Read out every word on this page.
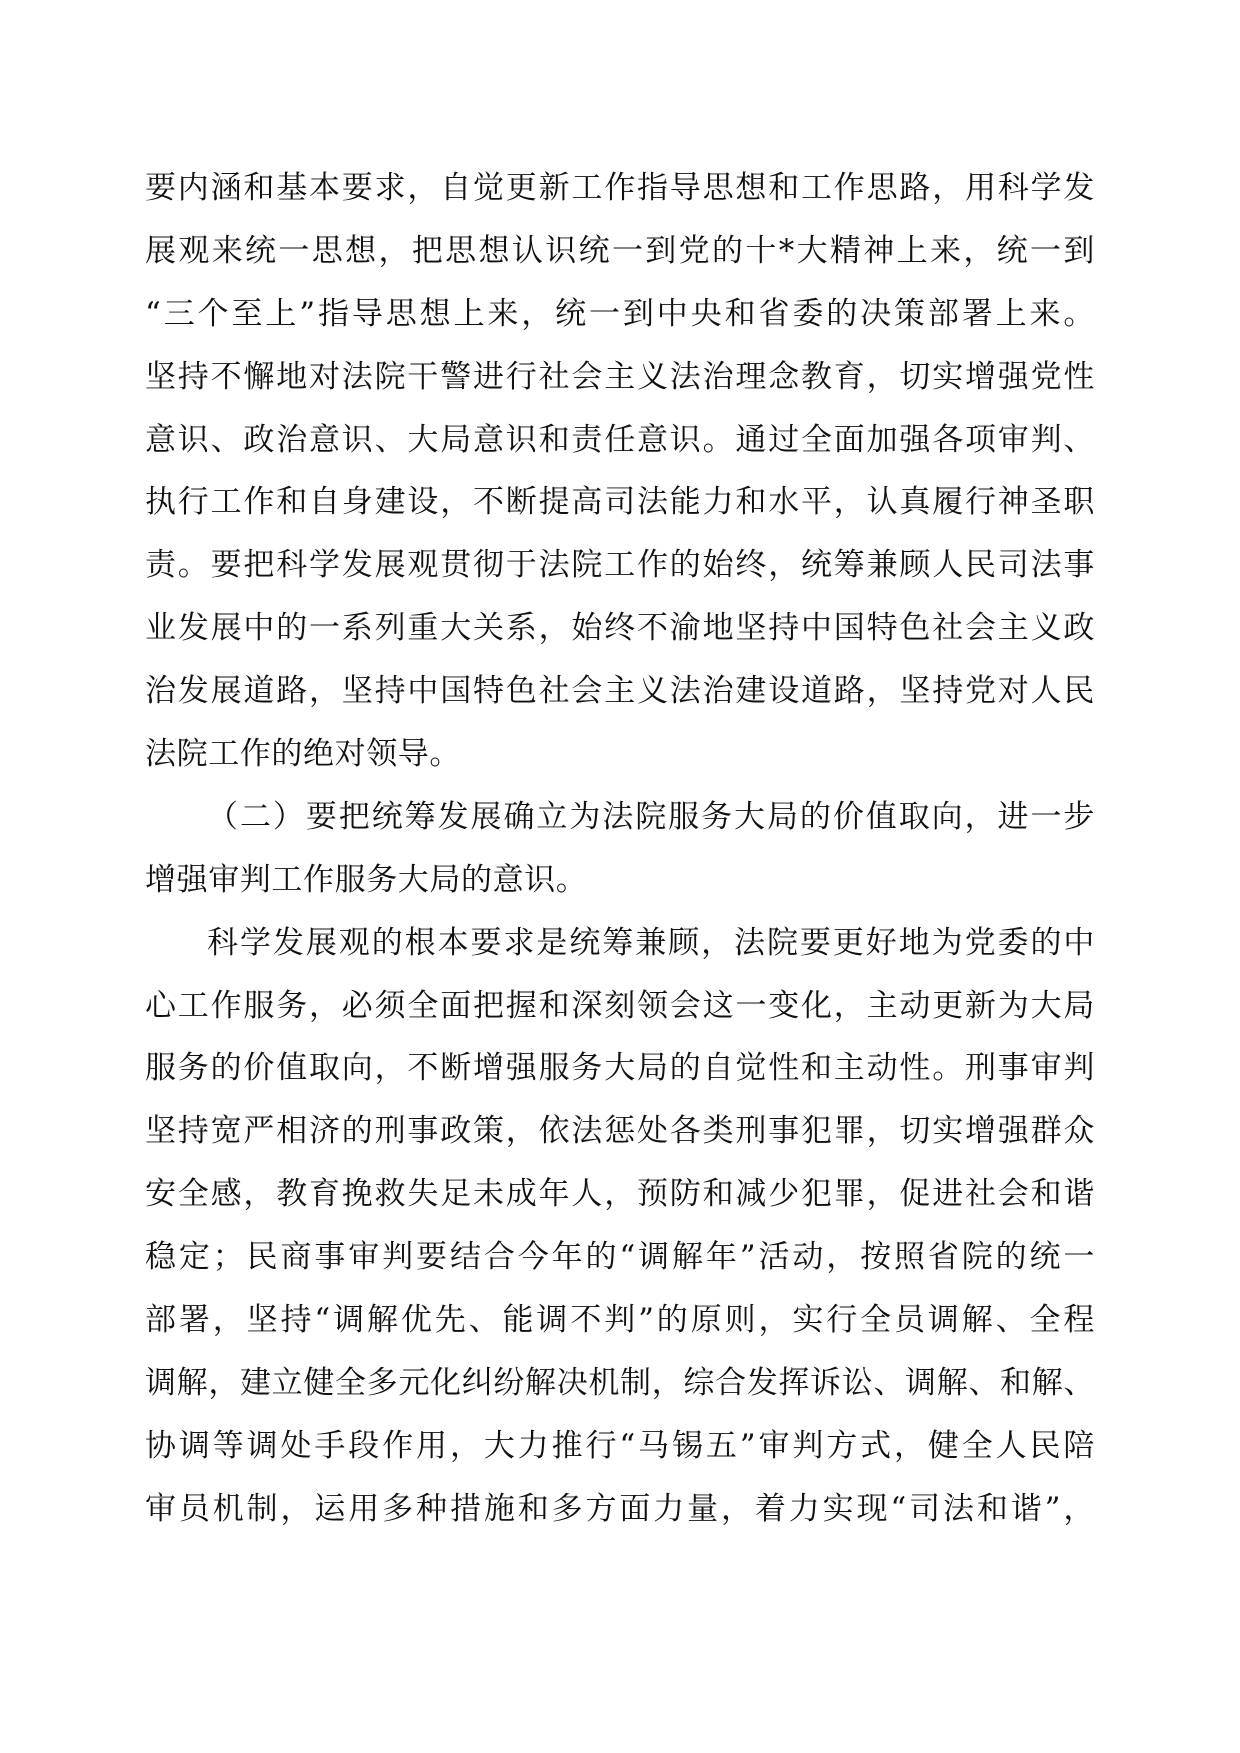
要内涵和基本要求，自觉更新工作指导思想和工作思路，用科学发
展观来统一思想，把思想认识统一到党的十*大精神上来，统一到
“三个至上”指导思想上来，统一到中央和省委的决策部署上来。
坚持不懈地对法院干警进行社会主义法治理念教育，切实增强党性
意识、政治意识、大局意识和责任意识。通过全面加强各项审判、
执行工作和自身建设，不断提高司法能力和水平，认真履行神圣职
责。要把科学发展观贯彻于法院工作的始终，统筹兼顾人民司法事
业发展中的一系列重大关系，始终不渝地坚持中国特色社会主义政
治发展道路，坚持中国特色社会主义法治建设道路，坚持党对人民
法院工作的绝对领导。
（二）要把统筹发展确立为法院服务大局的价值取向，进一步
增强审判工作服务大局的意识。
科学发展观的根本要求是统筹兼顾，法院要更好地为党委的中
心工作服务，必须全面把握和深刻领会这一变化，主动更新为大局
服务的价值取向，不断增强服务大局的自觉性和主动性。刑事审判
坚持宽严相济的刑事政策，依法惩处各类刑事犯罪，切实增强群众
安全感，教育挽救失足未成年人，预防和减少犯罪，促进社会和谐
稳定；民商事审判要结合今年的“调解年”活动，按照省院的统一
部署，坚持“调解优先、能调不判”的原则，实行全员调解、全程
调解，建立健全多元化纠纷解决机制，综合发挥诉讼、调解、和解、
协调等调处手段作用，大力推行“马锡五”审判方式，健全人民陪
审员机制，运用多种措施和多方面力量，着力实现“司法和谐”，
